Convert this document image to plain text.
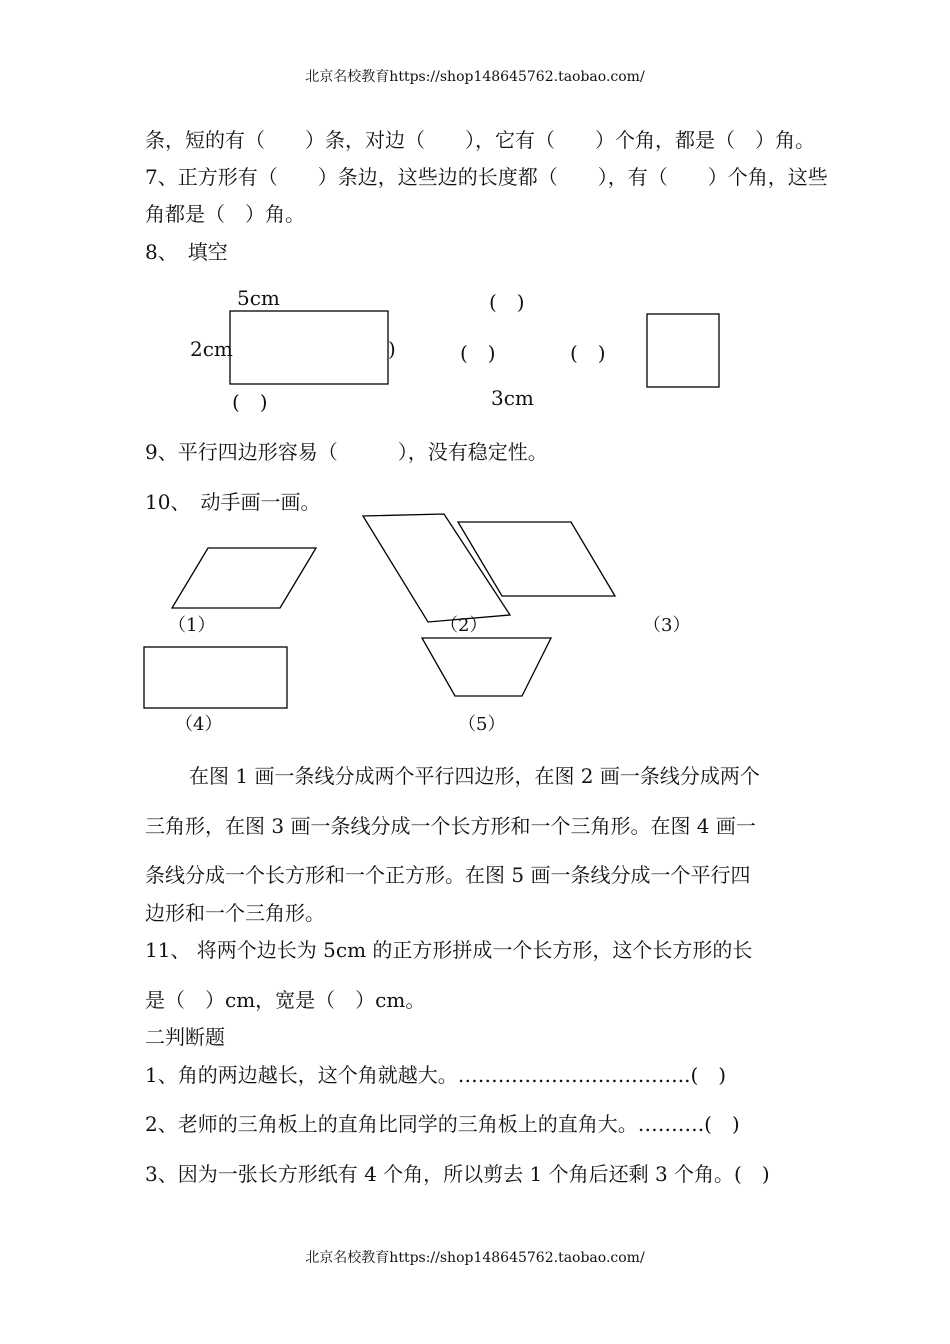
北京名校教育https://shop148645762.taobao.com/
北京名校教育https://shop148645762.taobao.com/
条，短的有（　　）条，对边（　　），它有（　　）个角，都是（　）角。
7、正方形有（　　）条边，这些边的长度都（　　），有（　　）个角，这些
角都是（　）角。
8、　填空
5cm
2cm	)
(　)
(　)
(　)	(　)
3cm
9、平行四边形容易（　　　），没有稳定性。
10、　动手画一画。
（1）	（2）	（3）
（4）	（5）
在图 1 画一条线分成两个平行四边形，在图 2 画一条线分成两个
三角形，在图 3 画一条线分成一个长方形和一个三角形。在图 4 画一
条线分成一个长方形和一个正方形。在图 5 画一条线分成一个平行四
边形和一个三角形。
11、 将两个边长为 5cm 的正方形拼成一个长方形，这个长方形的长
是（　）cm，宽是（　）cm。
二判断题
1、角的两边越长，这个角就越大。……………………………..(　)
2、老师的三角板上的直角比同学的三角板上的直角大。……….(　)
3、因为一张长方形纸有 4 个角，所以剪去 1 个角后还剩 3 个角。(　)
